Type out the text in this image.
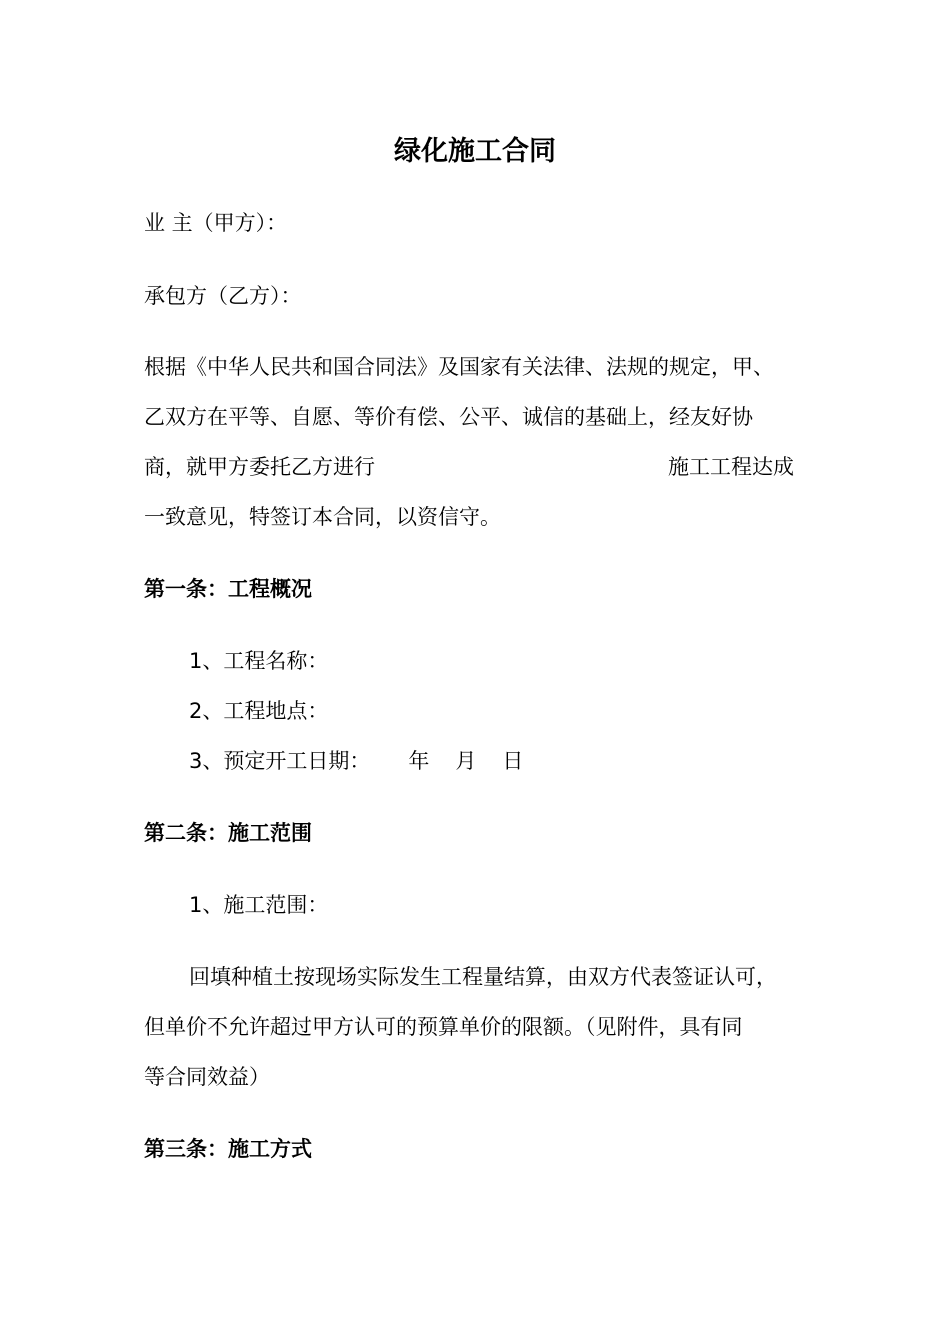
绿化施工合同
业 主（甲方）：
承包方（乙方）：
根据《中华人民共和国合同法》及国家有关法律、法规的规定，甲、
乙双方在平等、自愿、等价有偿、公平、诚信的基础上，经友好协
商，就甲方委托乙方进行	施工工程达成
一致意见，特签订本合同，以资信守。
第一条：工程概况
1、工程名称：
2、工程地点：
3、预定开工日期： 年 月 日
第二条：施工范围
1、施工范围：
回填种植土按现场实际发生工程量结算，由双方代表签证认可，
但单价不允许超过甲方认可的预算单价的限额。（见附件，具有同
等合同效益）
第三条：施工方式
